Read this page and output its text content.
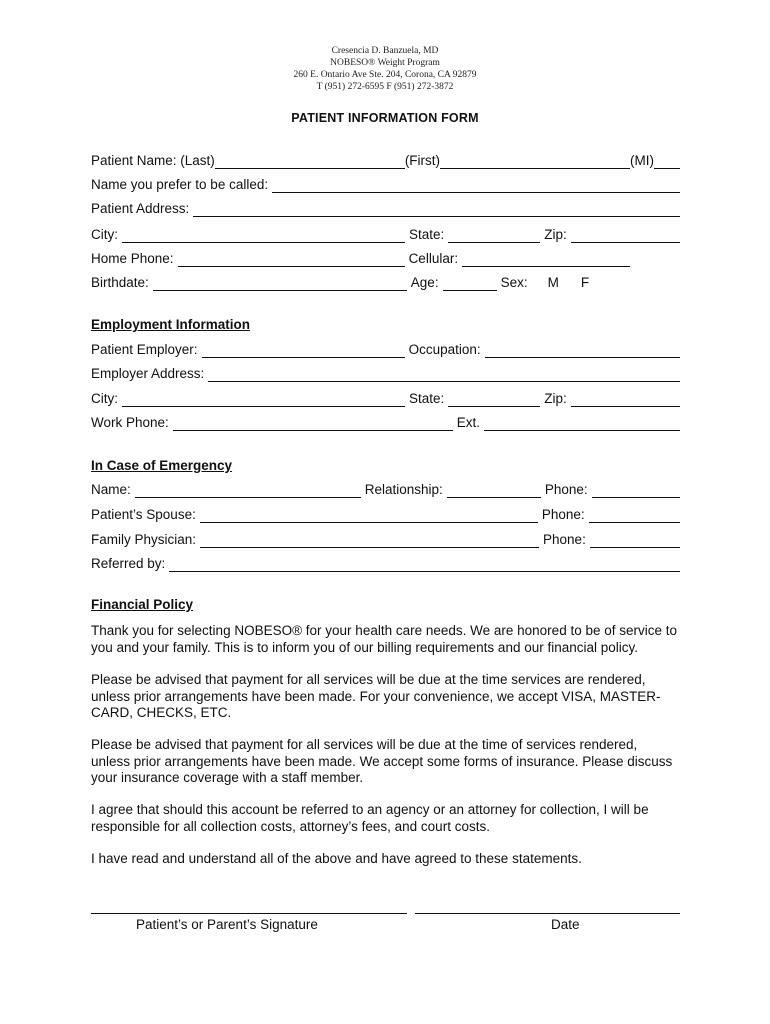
Cresencia D. Banzuela, MD
NOBESO® Weight Program
260 E. Ontario Ave Ste. 204, Corona, CA 92879
T (951) 272-6595 F (951) 272-3872
PATIENT INFORMATION FORM
Patient Name: (Last)	(First)	(MI)
Name you prefer to be called:
Patient Address:
City:	State:	Zip:
Home Phone:	Cellular:
Birthdate:	Age:	Sex: M F
Employment Information
Patient Employer:	Occupation:
Employer Address:
City:	State:	Zip:
Work Phone:	Ext.
In Case of Emergency
Name:	Relationship:	Phone:
Patient’s Spouse:	Phone:
Family Physician:	Phone:
Referred by:
Financial Policy

Thank you for selecting NOBESO® for your health care needs. We are honored to be of service to you and your family. This is to inform you of our billing requirements and our financial policy.

Please be advised that payment for all services will be due at the time services are rendered, unless prior arrangements have been made. For your convenience, we accept VISA, MASTER-CARD, CHECKS, ETC.

Please be advised that payment for all services will be due at the time of services rendered, unless prior arrangements have been made. We accept some forms of insurance. Please discuss your insurance coverage with a staff member.

I agree that should this account be referred to an agency or an attorney for collection, I will be responsible for all collection costs, attorney’s fees, and court costs.

I have read and understand all of the above and have agreed to these statements.

Patient’s or Parent’s Signature	Date
